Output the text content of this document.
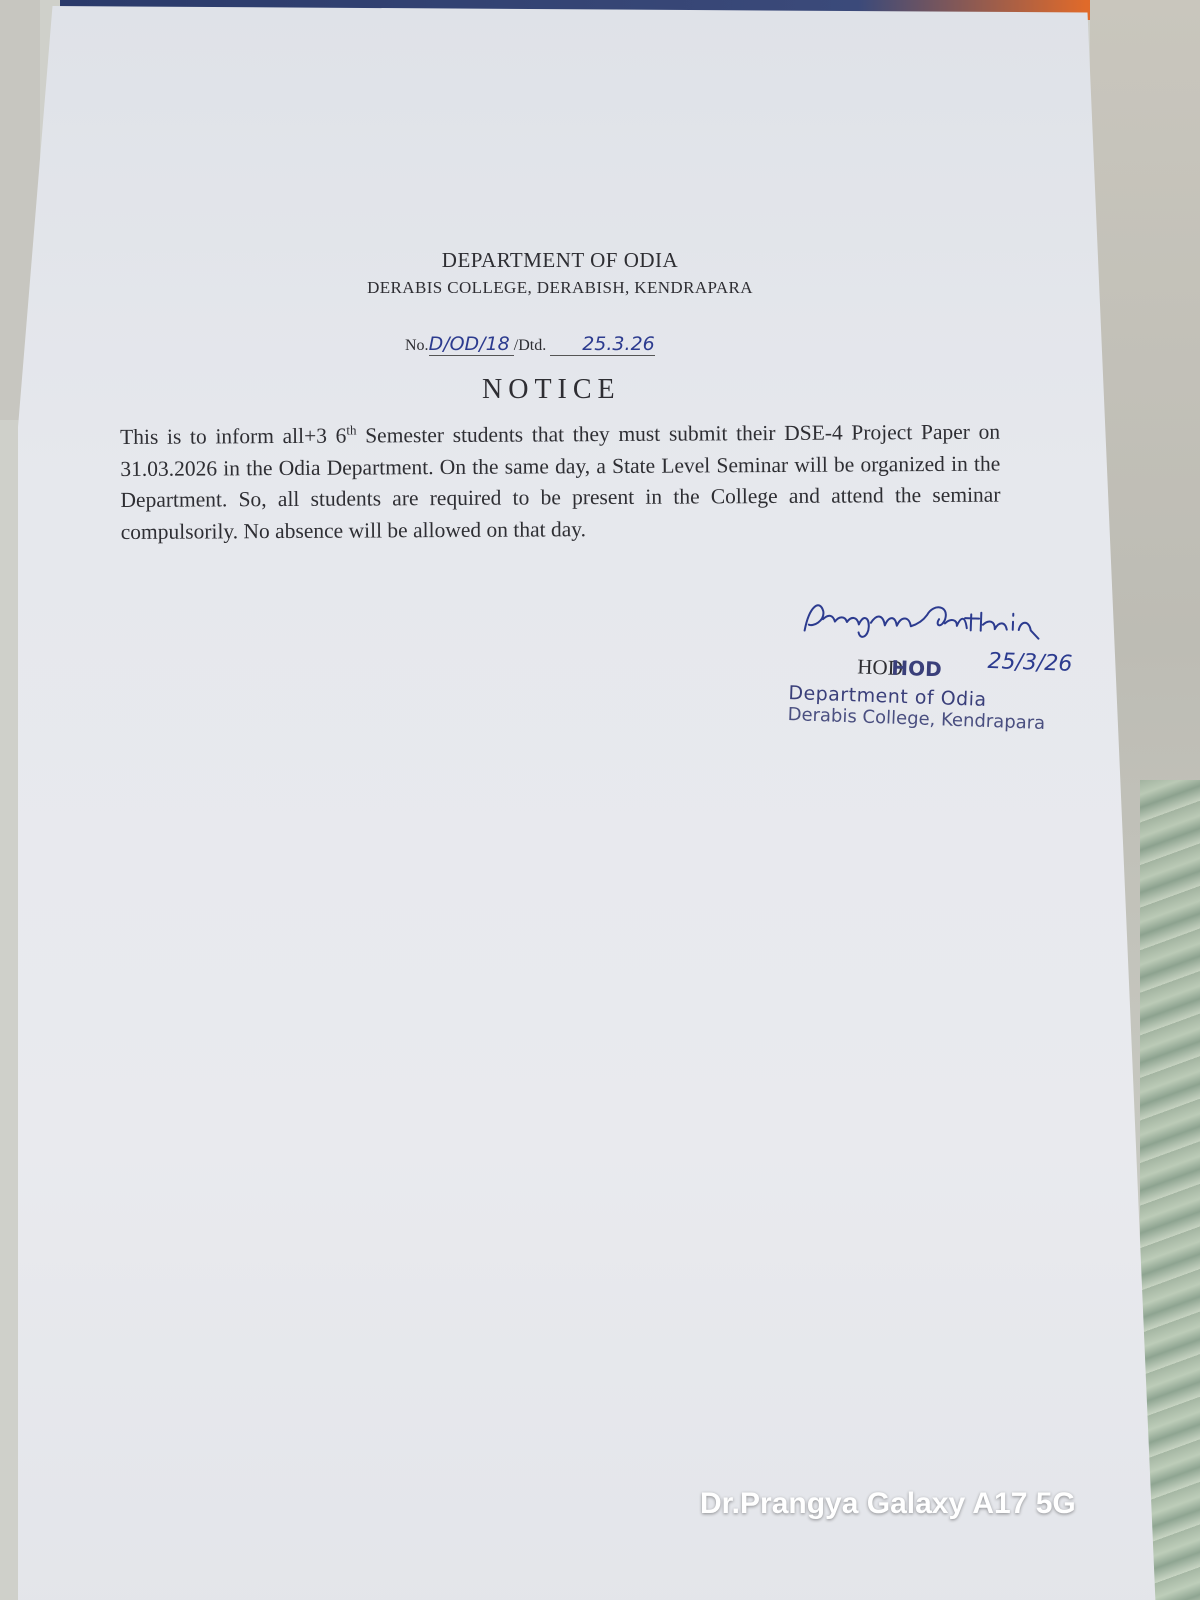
DEPARTMENT OF ODIA
DERABIS COLLEGE, DERABISH, KENDRAPARA
No.D/OD/18 /Dtd. 25.3.26
NOTICE
This is to inform all+3 6th Semester students that they must submit their DSE-4 Project Paper on 31.03.2026 in the Odia Department. On the same day, a State Level Seminar will be organized in the Department. So, all students are required to be present in the College and attend the seminar compulsorily. No absence will be allowed on that day.
HOD
HOD 25/3/26
Department of Odia
Derabis College, Kendrapara
Dr.Prangya Galaxy A17 5G
